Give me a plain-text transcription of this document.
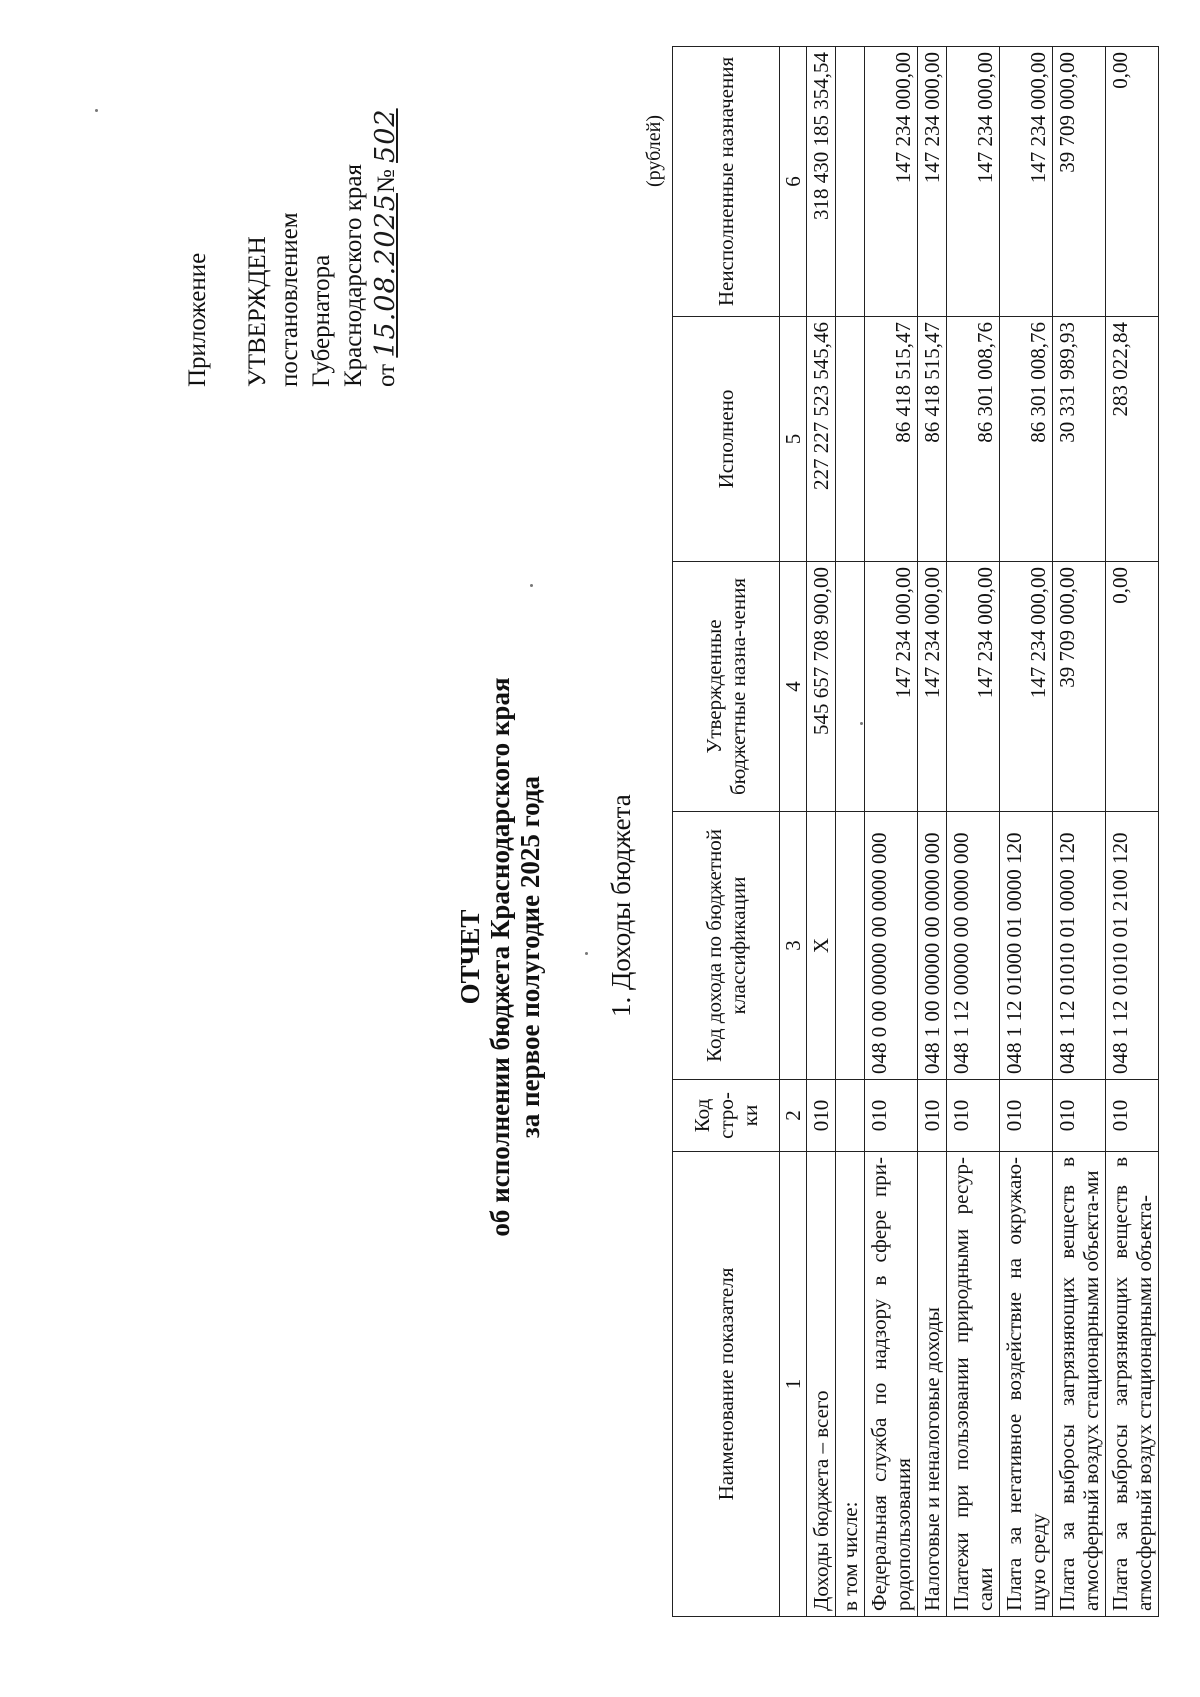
Приложение УТВЕРЖДЕН постановлением Губернатора Краснодарского края от 15.08.2025№ 502
ОТЧЕТ об исполнении бюджета Краснодарского края за первое полугодие 2025 года 1. Доходы бюджета
(рублей)
Наименование показателя	Код стро-ки	Код дохода по бюджетной классификации	Утвержденные бюджетные назна-чения	Исполнено	Неисполненные назначения
1	2	3	4	5	6
Доходы бюджета – всего	010	X	545 657 708 900,00	227 227 523 545,46	318 430 185 354,54
в том числе:					
Федеральная служба по надзору в сфере при-родопользования	010	048 0 00 00000 00 0000 000	147 234 000,00	86 418 515,47	147 234 000,00
Налоговые и неналоговые доходы	010	048 1 00 00000 00 0000 000	147 234 000,00	86 418 515,47	147 234 000,00
Платежи при пользовании природными ресур-сами	010	048 1 12 00000 00 0000 000	147 234 000,00	86 301 008,76	147 234 000,00
Плата за негативное воздействие на окружаю-щую среду	010	048 1 12 01000 01 0000 120	147 234 000,00	86 301 008,76	147 234 000,00
Плата за выбросы загрязняющих веществ в атмосферный воздух стационарными объекта-ми	010	048 1 12 01010 01 0000 120	39 709 000,00	30 331 989,93	39 709 000,00
Плата за выбросы загрязняющих веществ в атмосферный воздух стационарными объекта-	010	048 1 12 01010 01 2100 120	0,00	283 022,84	0,00
